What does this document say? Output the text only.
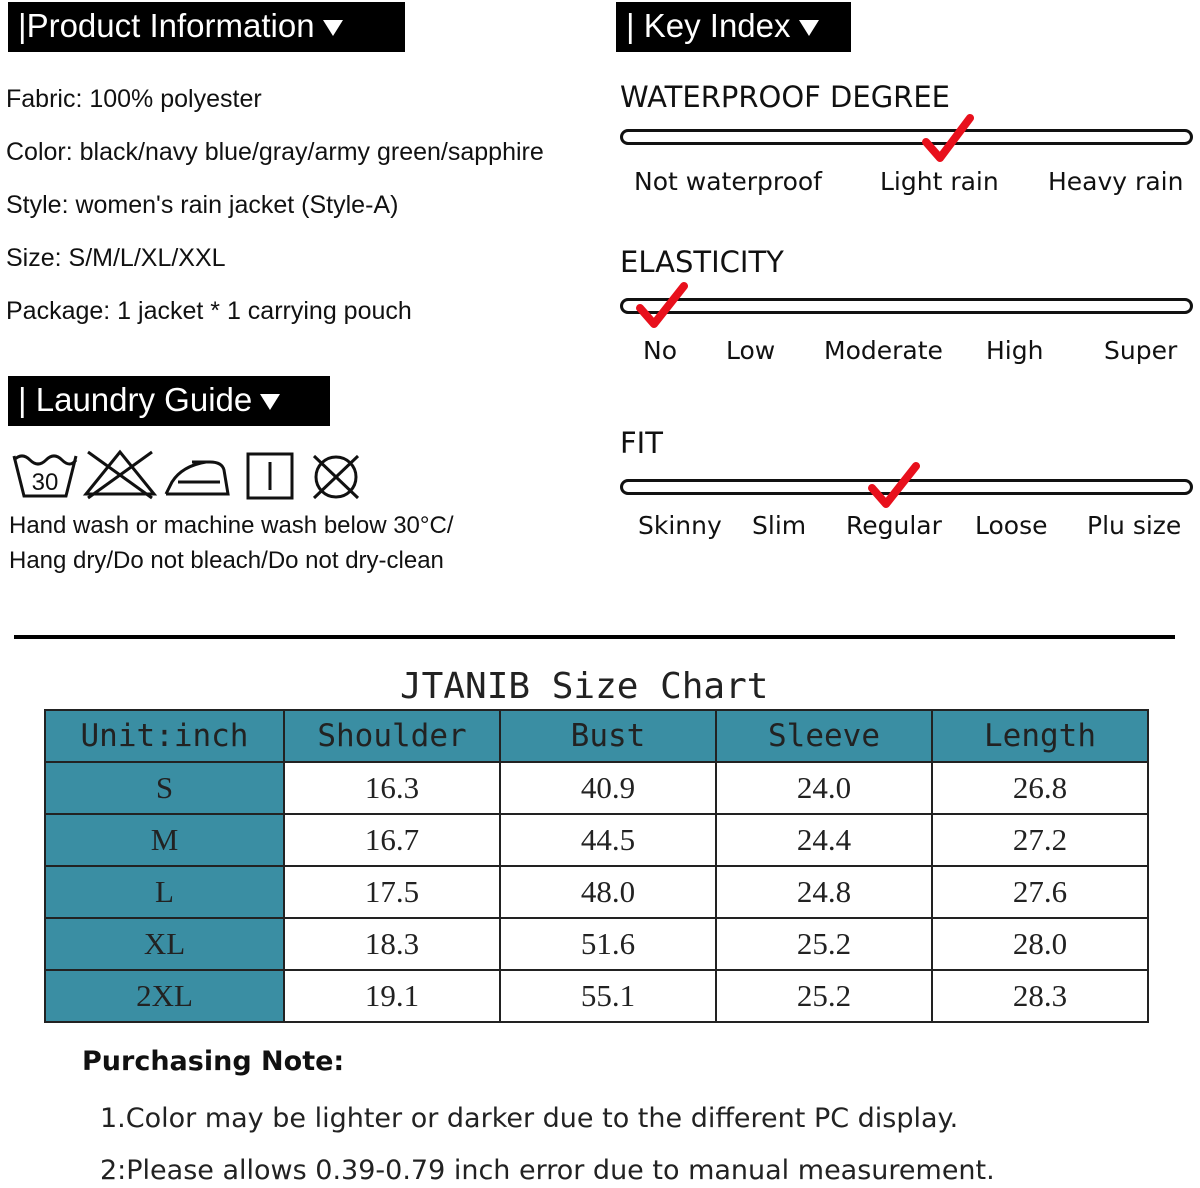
|Product Information
Fabric: 100% polyester
Color: black/navy blue/gray/army green/sapphire
Style: women's rain jacket (Style-A)
Size: S/M/L/XL/XXL
Package: 1 jacket * 1 carrying pouch
| Laundry Guide
30
Hand wash or machine wash below 30°C/
Hang dry/Do not bleach/Do not dry-clean
| Key Index
WATERPROOF DEGREE
Not waterproof Light rain Heavy rain
ELASTICITY
No Low Moderate High Super
FIT
Skinny Slim Regular Loose Plu size
JTANIB Size Chart
Unit:inch	Shoulder	Bust	Sleeve	Length
S	16.3	40.9	24.0	26.8
M	16.7	44.5	24.4	27.2
L	17.5	48.0	24.8	27.6
XL	18.3	51.6	25.2	28.0
2XL	19.1	55.1	25.2	28.3
Purchasing Note:
1.Color may be lighter or darker due to the different PC display.
2:Please allows 0.39-0.79 inch error due to manual measurement.
